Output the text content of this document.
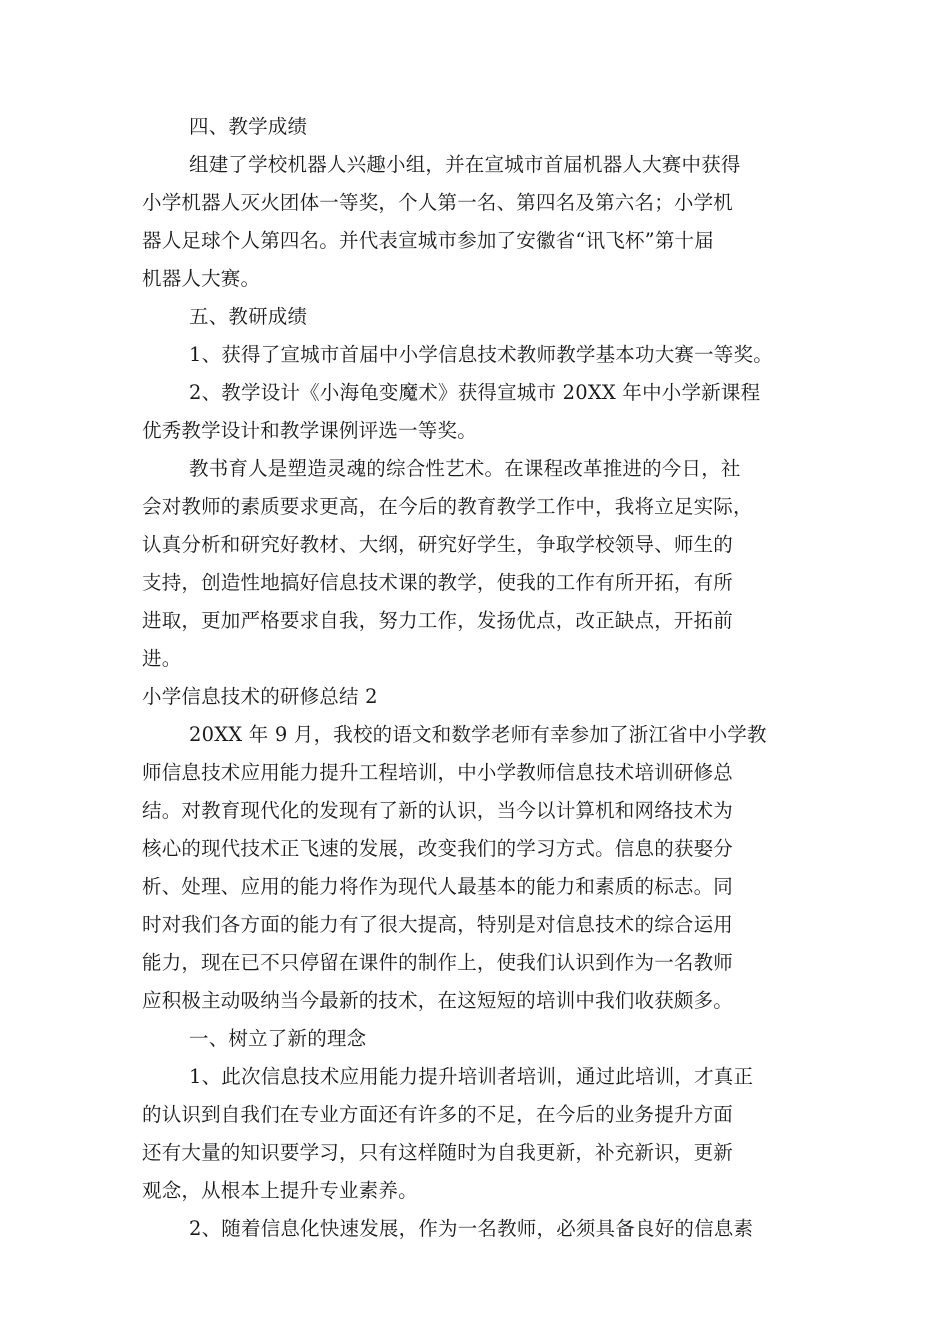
四、教学成绩
组建了学校机器人兴趣小组，并在宣城市首届机器人大赛中获得
小学机器人灭火团体一等奖，个人第一名、第四名及第六名；小学机
器人足球个人第四名。并代表宣城市参加了安徽省“讯飞杯”第十届
机器人大赛。
五、教研成绩
1、获得了宣城市首届中小学信息技术教师教学基本功大赛一等奖。
2、教学设计《小海龟变魔术》获得宣城市 20XX 年中小学新课程
优秀教学设计和教学课例评选一等奖。
教书育人是塑造灵魂的综合性艺术。在课程改革推进的今日，社
会对教师的素质要求更高，在今后的教育教学工作中，我将立足实际，
认真分析和研究好教材、大纲，研究好学生，争取学校领导、师生的
支持，创造性地搞好信息技术课的教学，使我的工作有所开拓，有所
进取，更加严格要求自我，努力工作，发扬优点，改正缺点，开拓前
进。
小学信息技术的研修总结 2
20XX 年 9 月，我校的语文和数学老师有幸参加了浙江省中小学教
师信息技术应用能力提升工程培训，中小学教师信息技术培训研修总
结。对教育现代化的发现有了新的认识，当今以计算机和网络技术为
核心的现代技术正飞速的发展，改变我们的学习方式。信息的获娶分
析、处理、应用的能力将作为现代人最基本的能力和素质的标志。同
时对我们各方面的能力有了很大提高，特别是对信息技术的综合运用
能力，现在已不只停留在课件的制作上，使我们认识到作为一名教师
应积极主动吸纳当今最新的技术，在这短短的培训中我们收获颇多。
一、树立了新的理念
1、此次信息技术应用能力提升培训者培训，通过此培训，才真正
的认识到自我们在专业方面还有许多的不足，在今后的业务提升方面
还有大量的知识要学习，只有这样随时为自我更新，补充新识，更新
观念，从根本上提升专业素养。
2、随着信息化快速发展，作为一名教师，必须具备良好的信息素
